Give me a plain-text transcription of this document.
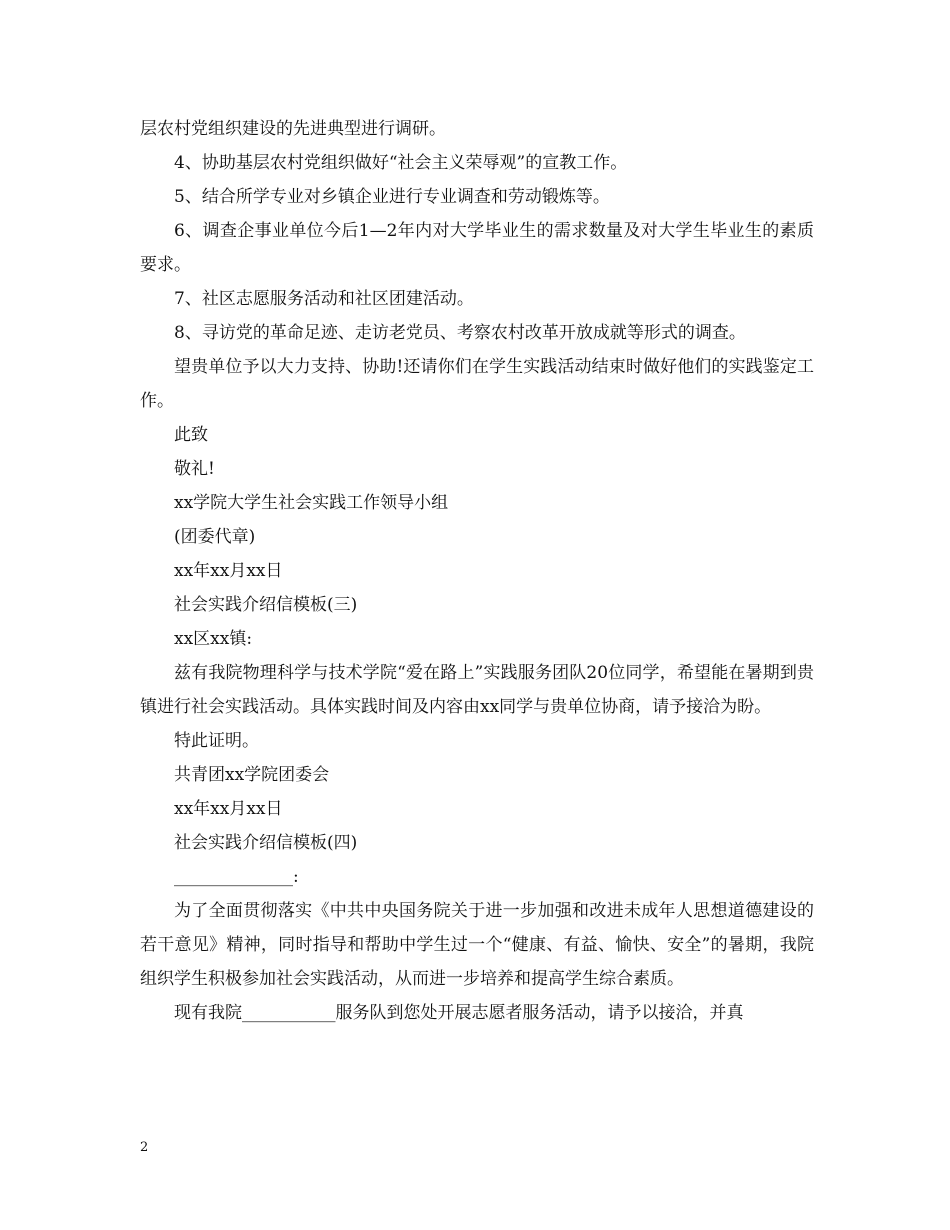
层农村党组织建设的先进典型进行调研。

4、协助基层农村党组织做好“社会主义荣辱观”的宣教工作。

5、结合所学专业对乡镇企业进行专业调查和劳动锻炼等。

6、调查企事业单位今后1—2年内对大学毕业生的需求数量及对大学生毕业生的素质要求。

7、社区志愿服务活动和社区团建活动。

8、寻访党的革命足迹、走访老党员、考察农村改革开放成就等形式的调查。

望贵单位予以大力支持、协助!还请你们在学生实践活动结束时做好他们的实践鉴定工作。

此致

敬礼!

xx学院大学生社会实践工作领导小组

(团委代章)

xx年xx月xx日

社会实践介绍信模板(三)

xx区xx镇:

兹有我院物理科学与技术学院“爱在路上”实践服务团队20位同学，希望能在暑期到贵镇进行社会实践活动。具体实践时间及内容由xx同学与贵单位协商，请予接洽为盼。

特此证明。

共青团xx学院团委会

xx年xx月xx日

社会实践介绍信模板(四)

______________:

为了全面贯彻落实《中共中央国务院关于进一步加强和改进未成年人思想道德建设的若干意见》精神，同时指导和帮助中学生过一个“健康、有益、愉快、安全”的暑期，我院组织学生积极参加社会实践活动，从而进一步培养和提高学生综合素质。

现有我院___________服务队到您处开展志愿者服务活动，请予以接洽，并真

2
